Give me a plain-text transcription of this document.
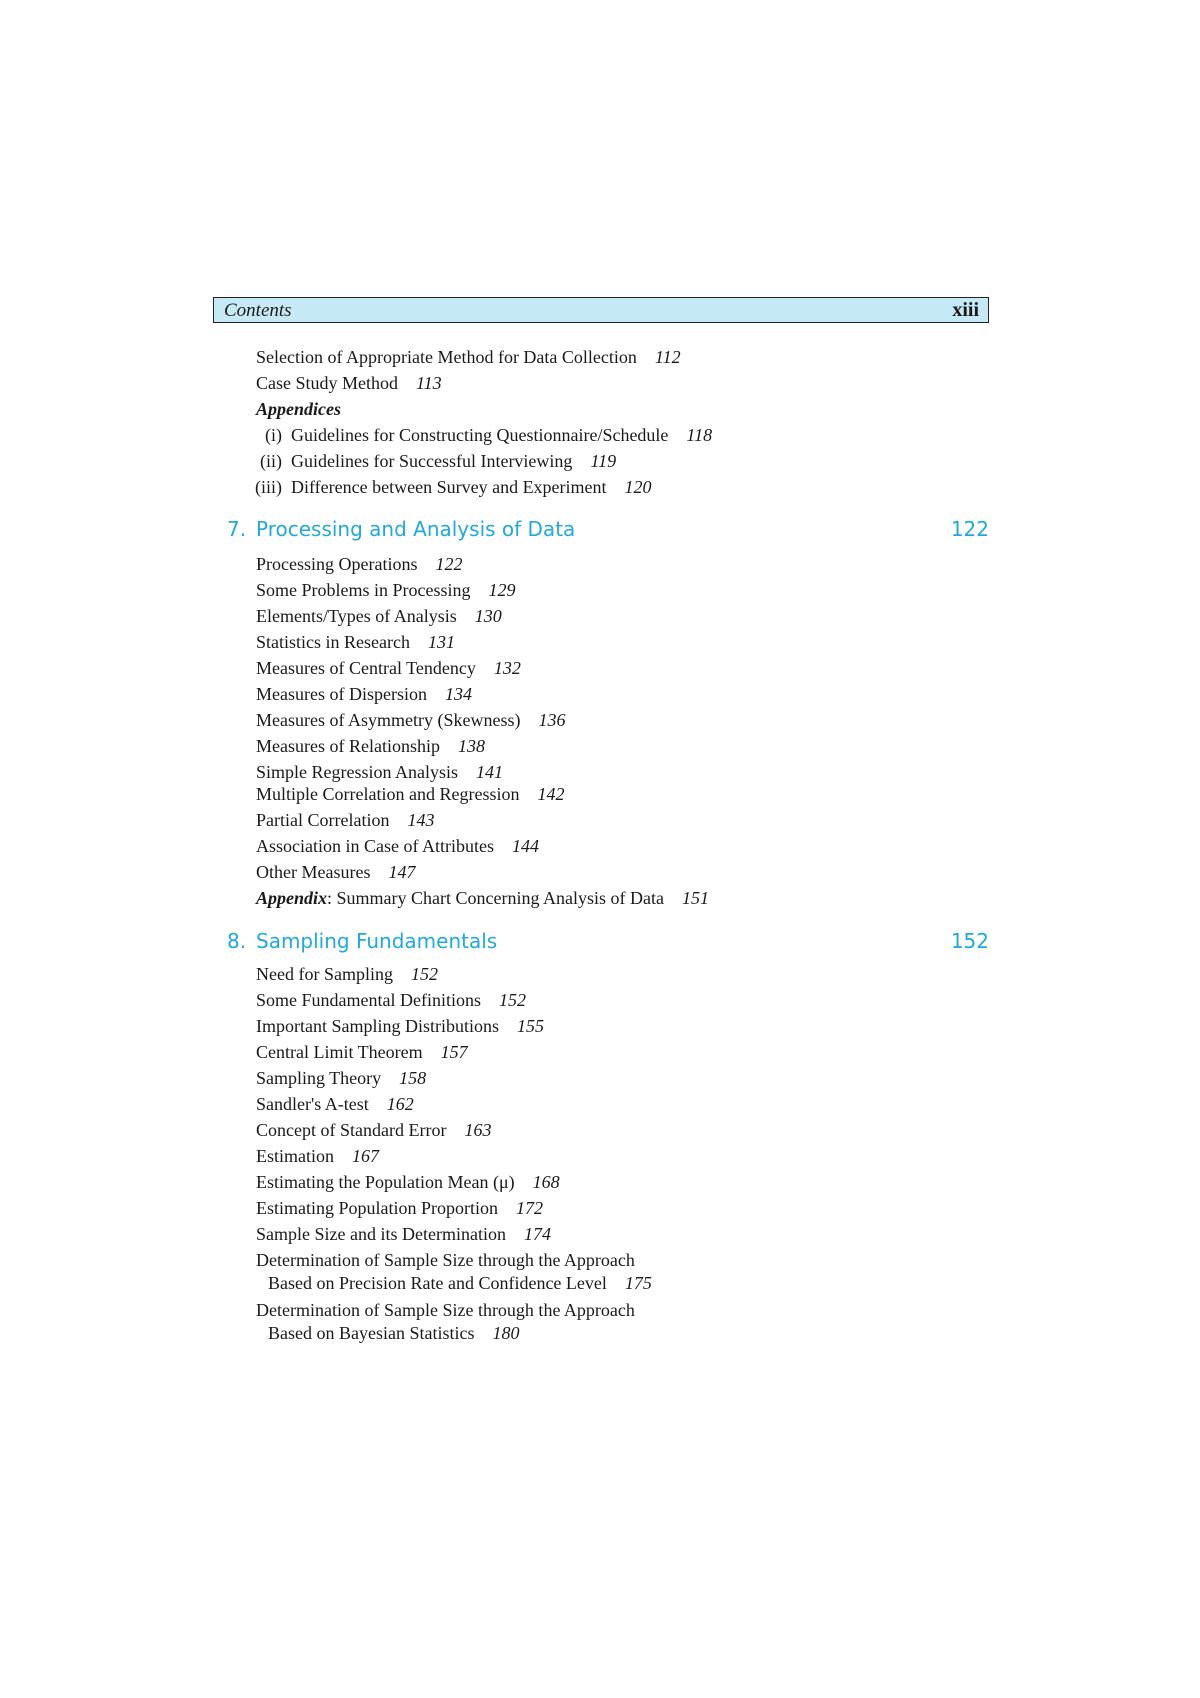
Contents	xiii
Selection of Appropriate Method for Data Collection 112
Case Study Method 113
Appendices
(i) Guidelines for Constructing Questionnaire/Schedule 118
(ii) Guidelines for Successful Interviewing 119
(iii) Difference between Survey and Experiment 120
7. Processing and Analysis of Data	122
Processing Operations 122
Some Problems in Processing 129
Elements/Types of Analysis 130
Statistics in Research 131
Measures of Central Tendency 132
Measures of Dispersion 134
Measures of Asymmetry (Skewness) 136
Measures of Relationship 138
Simple Regression Analysis 141
Multiple Correlation and Regression 142
Partial Correlation 143
Association in Case of Attributes 144
Other Measures 147
Appendix: Summary Chart Concerning Analysis of Data 151
8. Sampling Fundamentals	152
Need for Sampling 152
Some Fundamental Definitions 152
Important Sampling Distributions 155
Central Limit Theorem 157
Sampling Theory 158
Sandler's A-test 162
Concept of Standard Error 163
Estimation 167
Estimating the Population Mean (μ) 168
Estimating Population Proportion 172
Sample Size and its Determination 174
Determination of Sample Size through the Approach
Based on Precision Rate and Confidence Level 175
Determination of Sample Size through the Approach
Based on Bayesian Statistics 180
